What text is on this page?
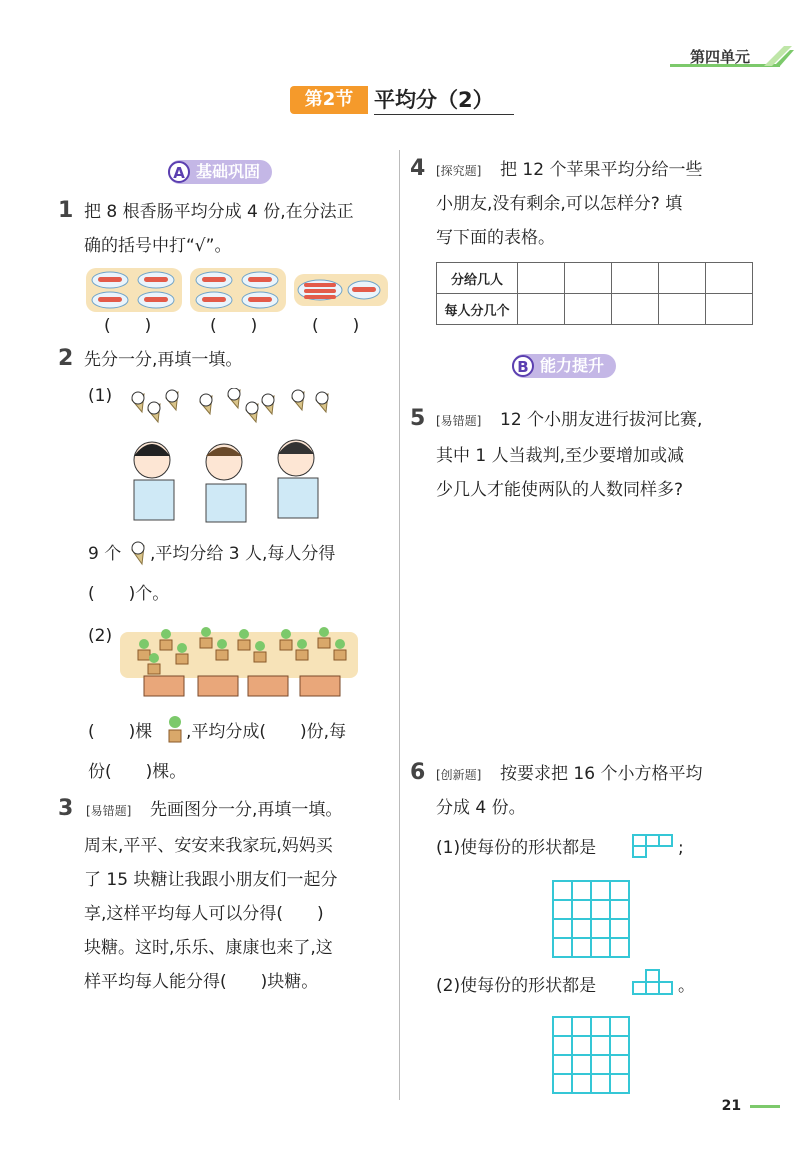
第四单元
第2节 平均分（2）
A 基础巩固
1 把 8 根香肠平均分成 4 份,在分法正
确的括号中打“√”。
(　　)	(　　)	(　　)
2 先分一分,再填一填。
(1)
9 个 ,平均分给 3 人,每人分得
(　　)个。
(2)
(　　)棵 ,平均分成(　　)份,每
份(　　)棵。
3 [易错题] 先画图分一分,再填一填。
周末,平平、安安来我家玩,妈妈买
了 15 块糖让我跟小朋友们一起分
享,这样平均每人可以分得(　　)
块糖。这时,乐乐、康康也来了,这
样平均每人能分得(　　)块糖。
4 [探究题] 把 12 个苹果平均分给一些
小朋友,没有剩余,可以怎样分? 填
写下面的表格。
分给几人					
每人分几个					
B 能力提升
5 [易错题] 12 个小朋友进行拔河比赛,
其中 1 人当裁判,至少要增加或减
少几人才能使两队的人数同样多?
6 [创新题] 按要求把 16 个小方格平均
分成 4 份。
(1)使每份的形状都是	;

(2)使每份的形状都是	。

21
